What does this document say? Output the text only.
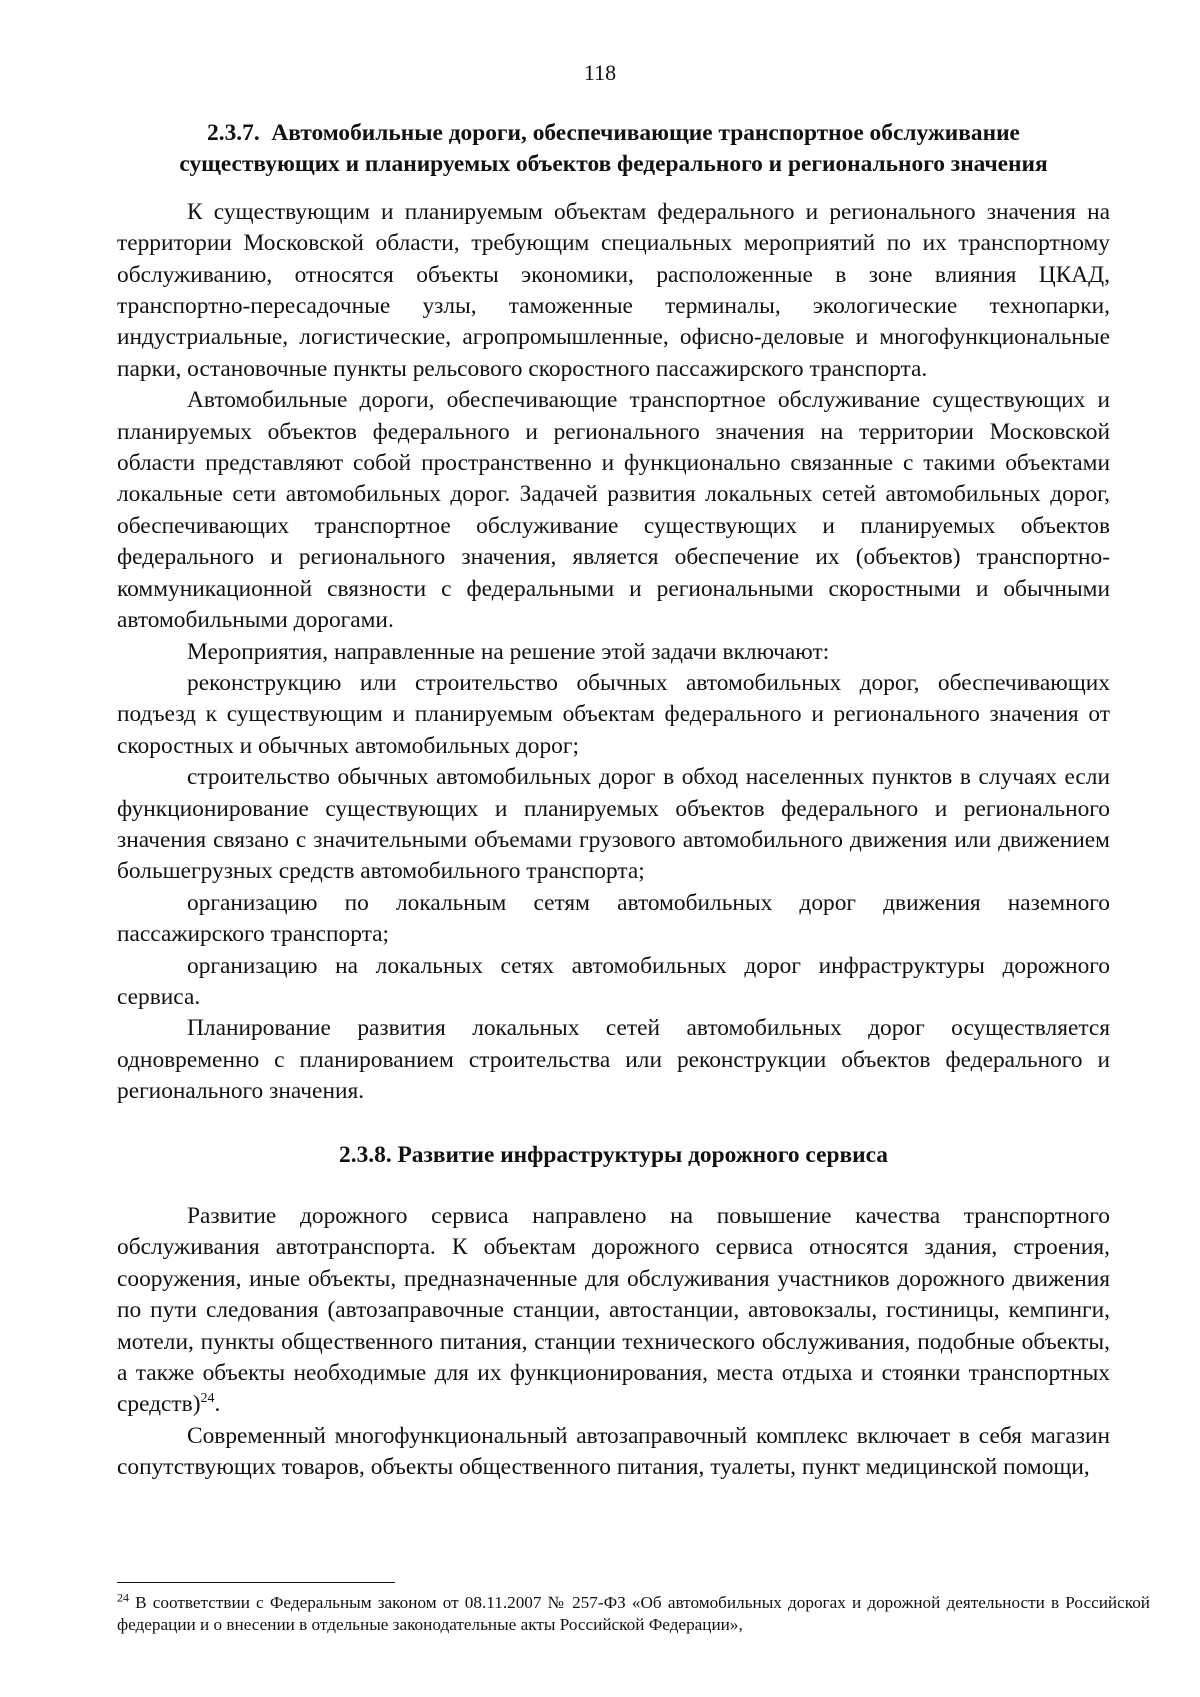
118

2.3.7. Автомобильные дороги, обеспечивающие транспортное обслуживание

существующих и планируемых объектов федерального и регионального значения

К существующим и планируемым объектам федерального и регионального значения на территории Московской области, требующим специальных мероприятий по их транспортному обслуживанию, относятся объекты экономики, расположенные в зоне влияния ЦКАД, транспортно-пересадочные узлы, таможенные терминалы, экологические технопарки, индустриальные, логистические, агропромышленные, офисно-деловые и многофункциональные парки, остановочные пункты рельсового скоростного пассажирского транспорта.

Автомобильные дороги, обеспечивающие транспортное обслуживание существующих и планируемых объектов федерального и регионального значения на территории Московской области представляют собой пространственно и функционально связанные с такими объектами локальные сети автомобильных дорог. Задачей развития локальных сетей автомобильных дорог, обеспечивающих транспортное обслуживание существующих и планируемых объектов федерального и регионального значения, является обеспечение их (объектов) транспортно-коммуникационной связности с федеральными и региональными скоростными и обычными автомобильными дорогами.

Мероприятия, направленные на решение этой задачи включают:

реконструкцию или строительство обычных автомобильных дорог, обеспечивающих подъезд к существующим и планируемым объектам федерального и регионального значения от скоростных и обычных автомобильных дорог;

строительство обычных автомобильных дорог в обход населенных пунктов в случаях если функционирование существующих и планируемых объектов федерального и регионального значения связано с значительными объемами грузового автомобильного движения или движением большегрузных средств автомобильного транспорта;

организацию по локальным сетям автомобильных дорог движения наземного пассажирского транспорта;

организацию на локальных сетях автомобильных дорог инфраструктуры дорожного сервиса.

Планирование развития локальных сетей автомобильных дорог осуществляется одновременно с планированием строительства или реконструкции объектов федерального и регионального значения.

2.3.8. Развитие инфраструктуры дорожного сервиса

Развитие дорожного сервиса направлено на повышение качества транспортного обслуживания автотранспорта. К объектам дорожного сервиса относятся здания, строения, сооружения, иные объекты, предназначенные для обслуживания участников дорожного движения по пути следования (автозаправочные станции, автостанции, автовокзалы, гостиницы, кемпинги, мотели, пункты общественного питания, станции технического обслуживания, подобные объекты, а также объекты необходимые для их функционирования, места отдыха и стоянки транспортных средств)$^{24}$.

Современный многофункциональный автозаправочный комплекс включает в себя магазин сопутствующих товаров, объекты общественного питания, туалеты, пункт медицинской помощи,

$^{24}$ В соответствии с Федеральным законом от 08.11.2007 № 257-ФЗ «Об автомобильных дорогах и дорожной деятельности в Российской федерации и о внесении в отдельные законодательные акты Российской Федерации»,
